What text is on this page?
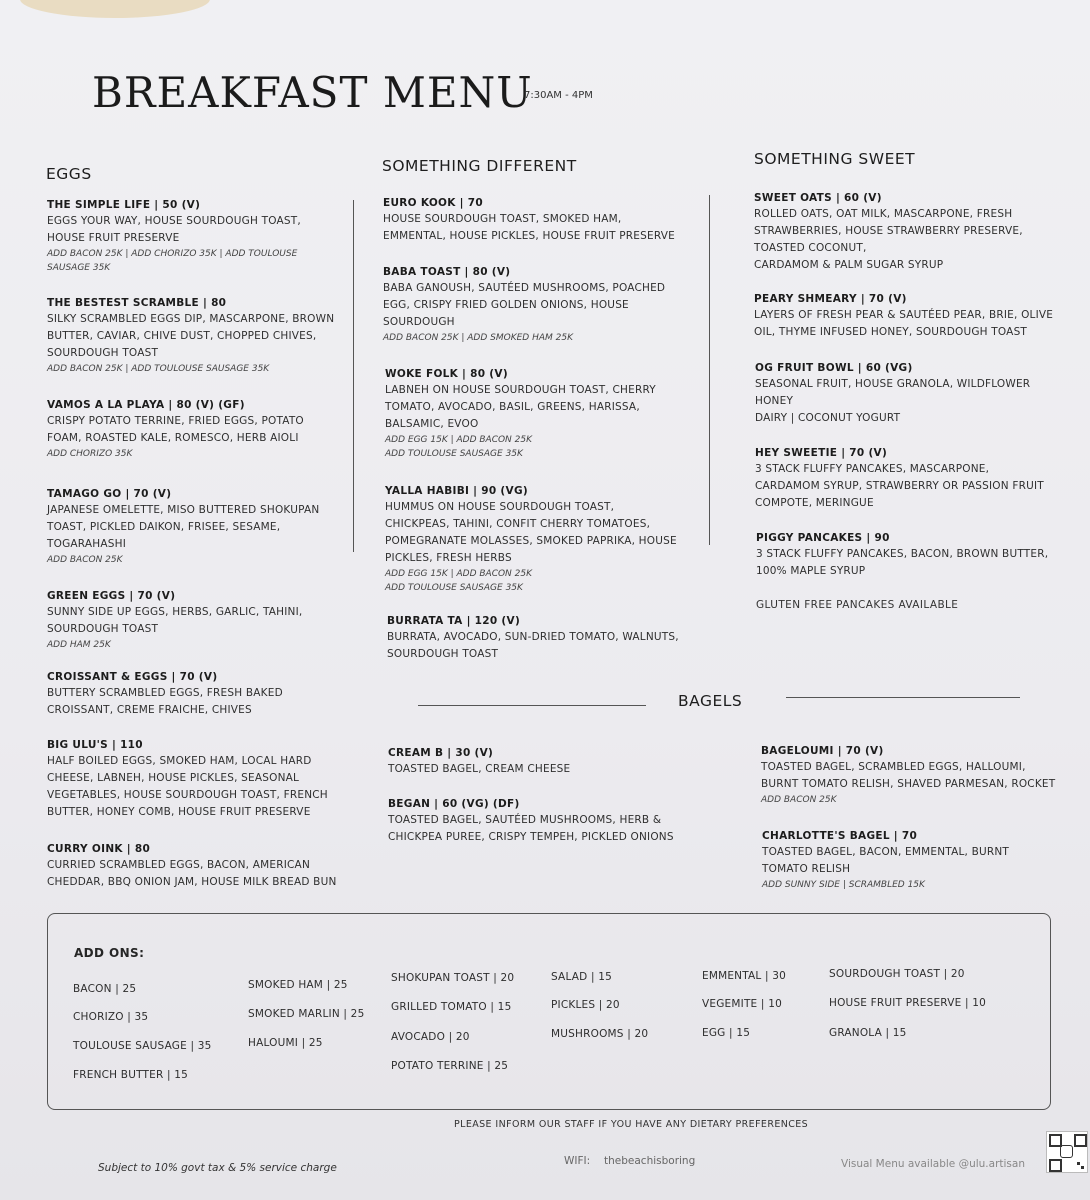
BREAKFAST MENU
7:30AM - 4PM
EGGS	SOMETHING DIFFERENT	SOMETHING SWEET
THE SIMPLE LIFE | 50 (V)
EGGS YOUR WAY, HOUSE SOURDOUGH TOAST,
HOUSE FRUIT PRESERVE
ADD BACON 25K | ADD CHORIZO 35K | ADD TOULOUSE
SAUSAGE 35K
THE BESTEST SCRAMBLE | 80
SILKY SCRAMBLED EGGS DIP, MASCARPONE, BROWN
BUTTER, CAVIAR, CHIVE DUST, CHOPPED CHIVES,
SOURDOUGH TOAST
ADD BACON 25K | ADD TOULOUSE SAUSAGE 35K
VAMOS A LA PLAYA | 80 (V) (GF)
CRISPY POTATO TERRINE, FRIED EGGS, POTATO
FOAM, ROASTED KALE, ROMESCO, HERB AIOLI
ADD CHORIZO 35K
TAMAGO GO | 70 (V)
JAPANESE OMELETTE, MISO BUTTERED SHOKUPAN
TOAST, PICKLED DAIKON, FRISEE, SESAME,
TOGARAHASHI
ADD BACON 25K
GREEN EGGS | 70 (V)
SUNNY SIDE UP EGGS, HERBS, GARLIC, TAHINI,
SOURDOUGH TOAST
ADD HAM 25K
CROISSANT & EGGS | 70 (V)
BUTTERY SCRAMBLED EGGS, FRESH BAKED
CROISSANT, CREME FRAICHE, CHIVES
BIG ULU'S | 110
HALF BOILED EGGS, SMOKED HAM, LOCAL HARD
CHEESE, LABNEH, HOUSE PICKLES, SEASONAL
VEGETABLES, HOUSE SOURDOUGH TOAST, FRENCH
BUTTER, HONEY COMB, HOUSE FRUIT PRESERVE
CURRY OINK | 80
CURRIED SCRAMBLED EGGS, BACON, AMERICAN
CHEDDAR, BBQ ONION JAM, HOUSE MILK BREAD BUN
EURO KOOK | 70
HOUSE SOURDOUGH TOAST, SMOKED HAM,
EMMENTAL, HOUSE PICKLES, HOUSE FRUIT PRESERVE
BABA TOAST | 80 (V)
BABA GANOUSH, SAUTÉED MUSHROOMS, POACHED
EGG, CRISPY FRIED GOLDEN ONIONS, HOUSE
SOURDOUGH
ADD BACON 25K | ADD SMOKED HAM 25K
WOKE FOLK | 80 (V)
LABNEH ON HOUSE SOURDOUGH TOAST, CHERRY
TOMATO, AVOCADO, BASIL, GREENS, HARISSA,
BALSAMIC, EVOO
ADD EGG 15K | ADD BACON 25K
ADD TOULOUSE SAUSAGE 35K
YALLA HABIBI | 90 (VG)
HUMMUS ON HOUSE SOURDOUGH TOAST,
CHICKPEAS, TAHINI, CONFIT CHERRY TOMATOES,
POMEGRANATE MOLASSES, SMOKED PAPRIKA, HOUSE
PICKLES, FRESH HERBS
ADD EGG 15K | ADD BACON 25K
ADD TOULOUSE SAUSAGE 35K
BURRATA TA | 120 (V)
BURRATA, AVOCADO, SUN-DRIED TOMATO, WALNUTS,
SOURDOUGH TOAST
SWEET OATS | 60 (V)
ROLLED OATS, OAT MILK, MASCARPONE, FRESH
STRAWBERRIES, HOUSE STRAWBERRY PRESERVE,
TOASTED COCONUT,
CARDAMOM & PALM SUGAR SYRUP
PEARY SHMEARY | 70 (V)
LAYERS OF FRESH PEAR & SAUTÉED PEAR, BRIE, OLIVE
OIL, THYME INFUSED HONEY, SOURDOUGH TOAST
OG FRUIT BOWL | 60 (VG)
SEASONAL FRUIT, HOUSE GRANOLA, WILDFLOWER
HONEY
DAIRY | COCONUT YOGURT
HEY SWEETIE | 70 (V)
3 STACK FLUFFY PANCAKES, MASCARPONE,
CARDAMOM SYRUP, STRAWBERRY OR PASSION FRUIT
COMPOTE, MERINGUE
PIGGY PANCAKES | 90
3 STACK FLUFFY PANCAKES, BACON, BROWN BUTTER,
100% MAPLE SYRUP
GLUTEN FREE PANCAKES AVAILABLE
BAGELS
CREAM B | 30 (V)
TOASTED BAGEL, CREAM CHEESE
BEGAN | 60 (VG) (DF)
TOASTED BAGEL, SAUTÉED MUSHROOMS, HERB &
CHICKPEA PUREE, CRISPY TEMPEH, PICKLED ONIONS
BAGELOUMI | 70 (V)
TOASTED BAGEL, SCRAMBLED EGGS, HALLOUMI,
BURNT TOMATO RELISH, SHAVED PARMESAN, ROCKET
ADD BACON 25K
CHARLOTTE'S BAGEL | 70
TOASTED BAGEL, BACON, EMMENTAL, BURNT
TOMATO RELISH
ADD SUNNY SIDE | SCRAMBLED 15K
ADD ONS:
BACON | 25
CHORIZO | 35
TOULOUSE SAUSAGE | 35
FRENCH BUTTER | 15
SMOKED HAM | 25
SMOKED MARLIN | 25
HALOUMI | 25
SHOKUPAN TOAST | 20
GRILLED TOMATO | 15
AVOCADO | 20
POTATO TERRINE | 25
SALAD | 15
PICKLES | 20
MUSHROOMS | 20
EMMENTAL | 30
VEGEMITE | 10
EGG | 15
SOURDOUGH TOAST | 20
HOUSE FRUIT PRESERVE | 10
GRANOLA | 15
PLEASE INFORM OUR STAFF IF YOU HAVE ANY DIETARY PREFERENCES
Subject to 10% govt tax & 5% service charge
WIFI: thebeachisboring	Visual Menu available @ulu.artisan
